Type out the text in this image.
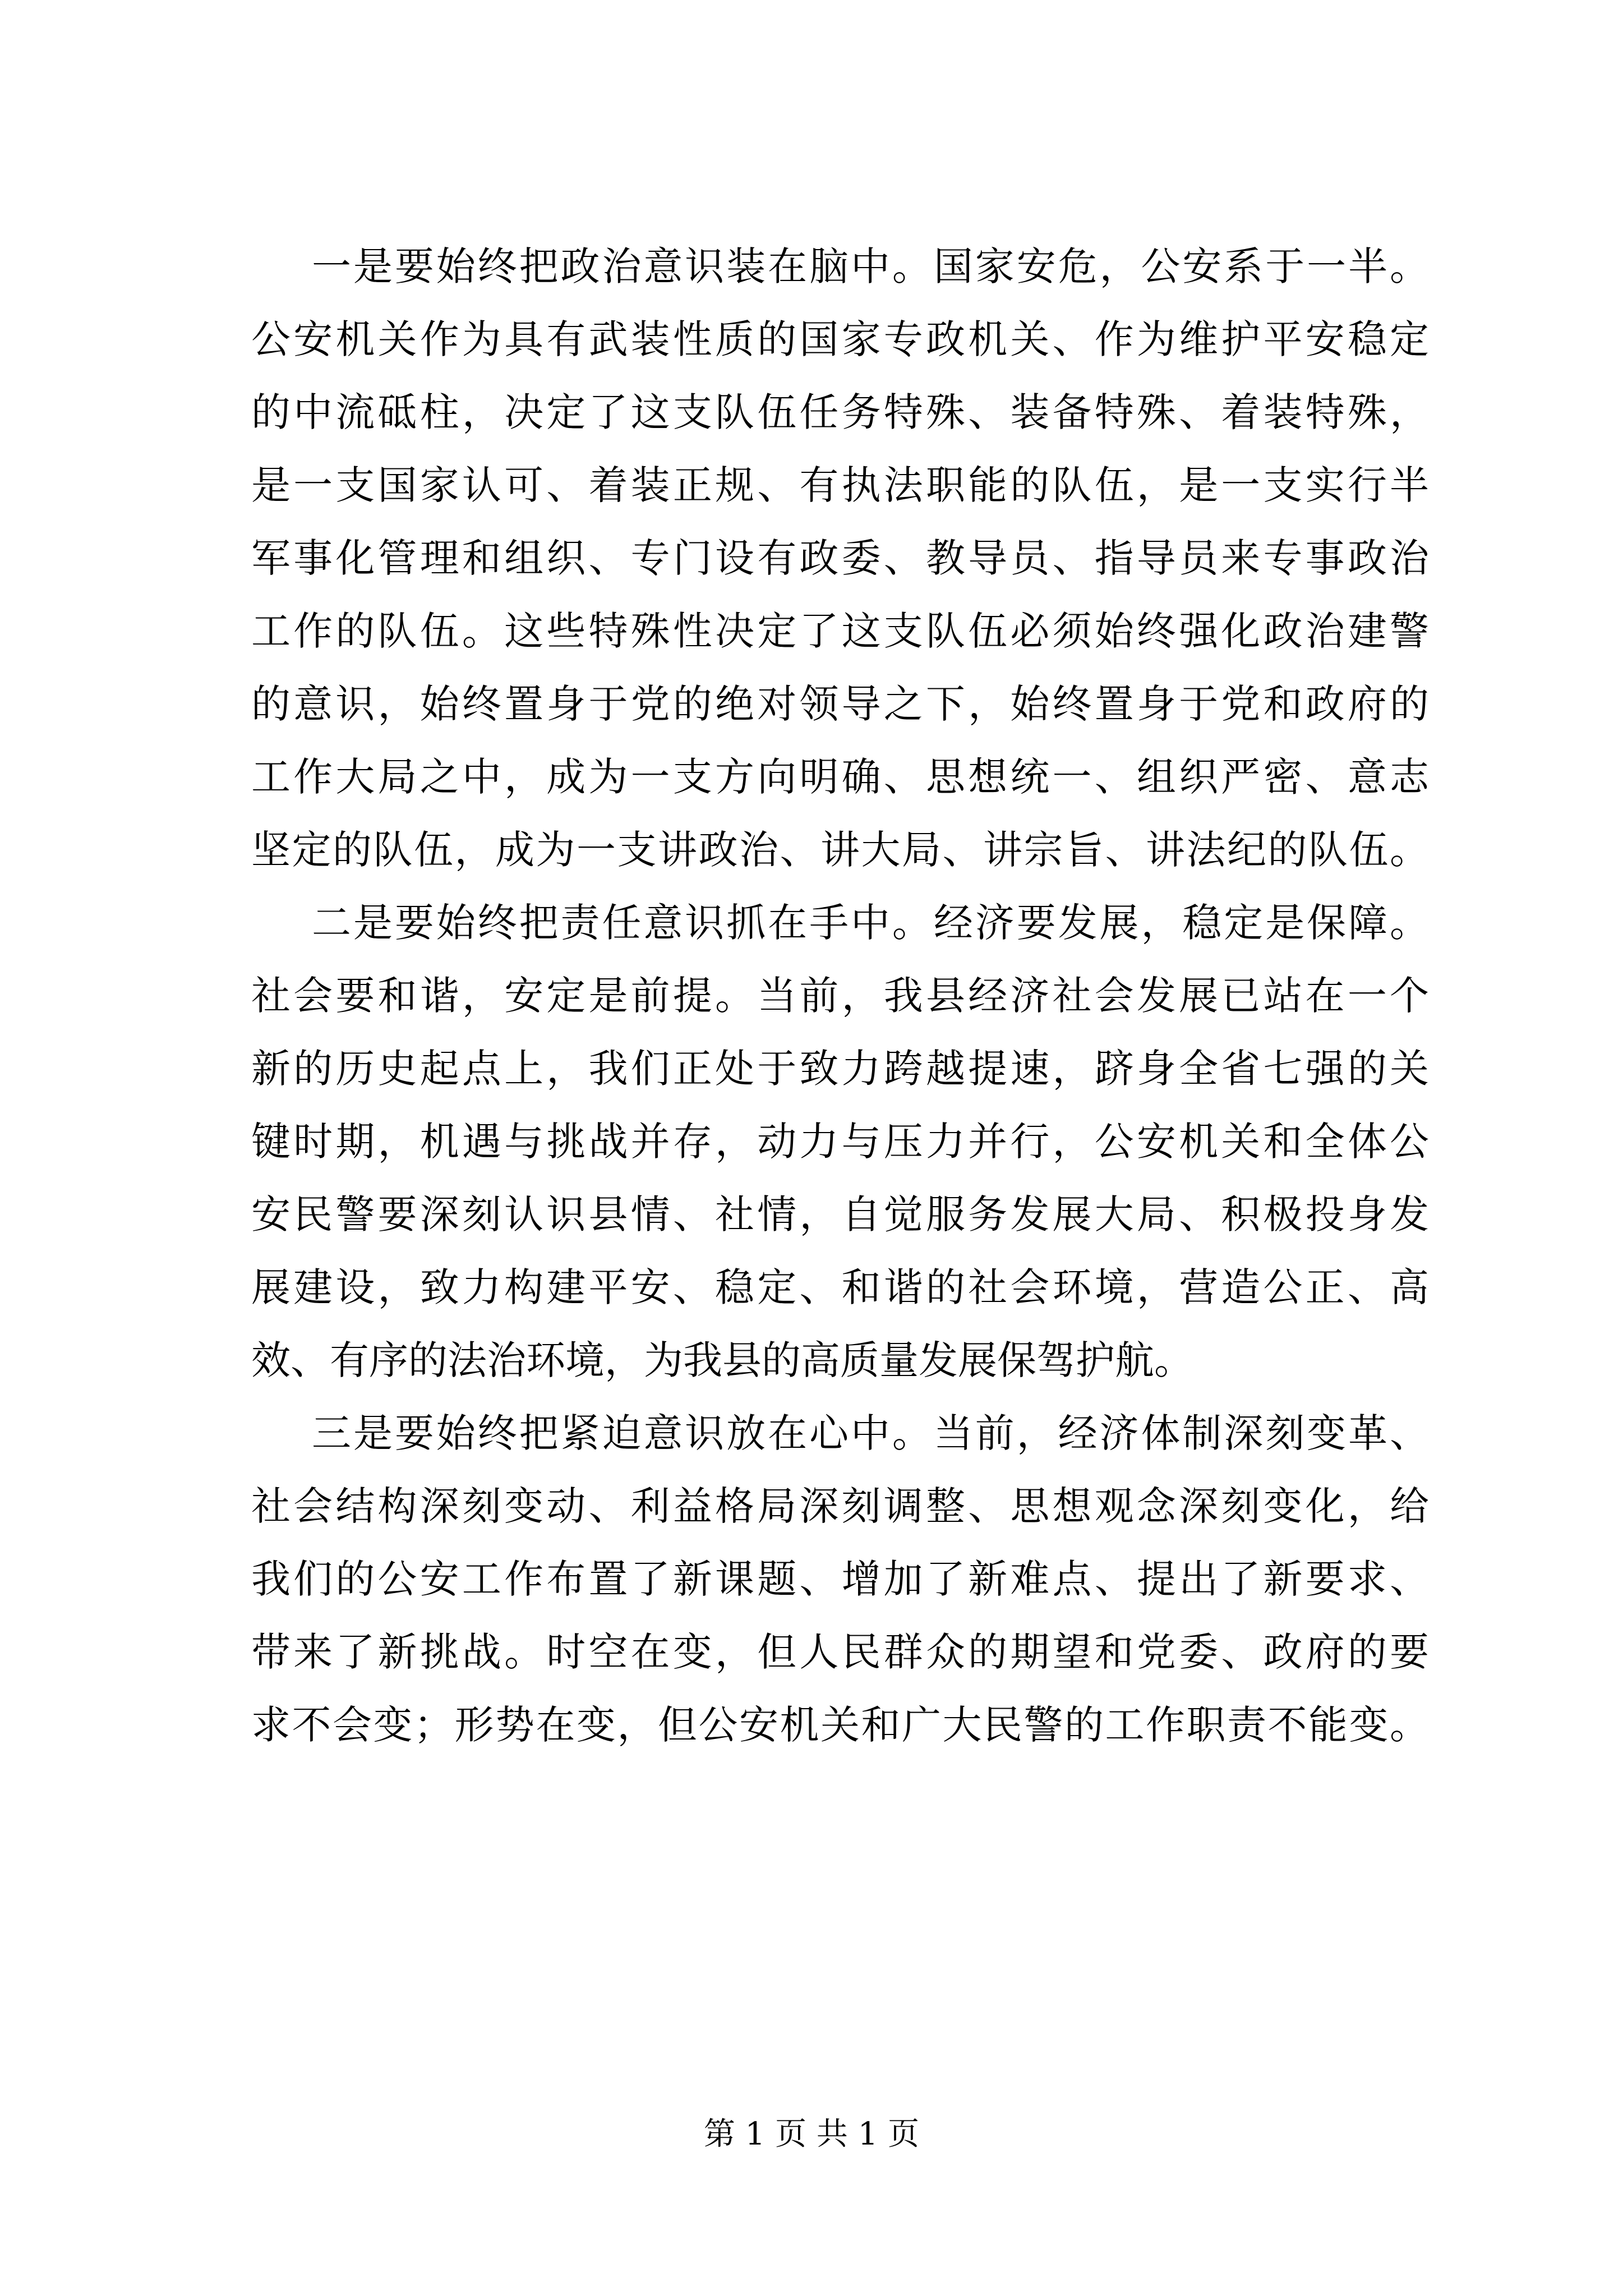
一是要始终把政治意识装在脑中。国家安危，公安系于一半。
公安机关作为具有武装性质的国家专政机关、作为维护平安稳定
的中流砥柱，决定了这支队伍任务特殊、装备特殊、着装特殊，
是一支国家认可、着装正规、有执法职能的队伍，是一支实行半
军事化管理和组织、专门设有政委、教导员、指导员来专事政治
工作的队伍。这些特殊性决定了这支队伍必须始终强化政治建警
的意识，始终置身于党的绝对领导之下，始终置身于党和政府的
工作大局之中，成为一支方向明确、思想统一、组织严密、意志
坚定的队伍，成为一支讲政治、讲大局、讲宗旨、讲法纪的队伍。
二是要始终把责任意识抓在手中。经济要发展，稳定是保障。
社会要和谐，安定是前提。当前，我县经济社会发展已站在一个
新的历史起点上，我们正处于致力跨越提速，跻身全省七强的关
键时期，机遇与挑战并存，动力与压力并行，公安机关和全体公
安民警要深刻认识县情、社情，自觉服务发展大局、积极投身发
展建设，致力构建平安、稳定、和谐的社会环境，营造公正、高
效、有序的法治环境，为我县的高质量发展保驾护航。
三是要始终把紧迫意识放在心中。当前，经济体制深刻变革、
社会结构深刻变动、利益格局深刻调整、思想观念深刻变化，给
我们的公安工作布置了新课题、增加了新难点、提出了新要求、
带来了新挑战。时空在变，但人民群众的期望和党委、政府的要
求不会变；形势在变，但公安机关和广大民警的工作职责不能变。
第 1 页 共 1 页
